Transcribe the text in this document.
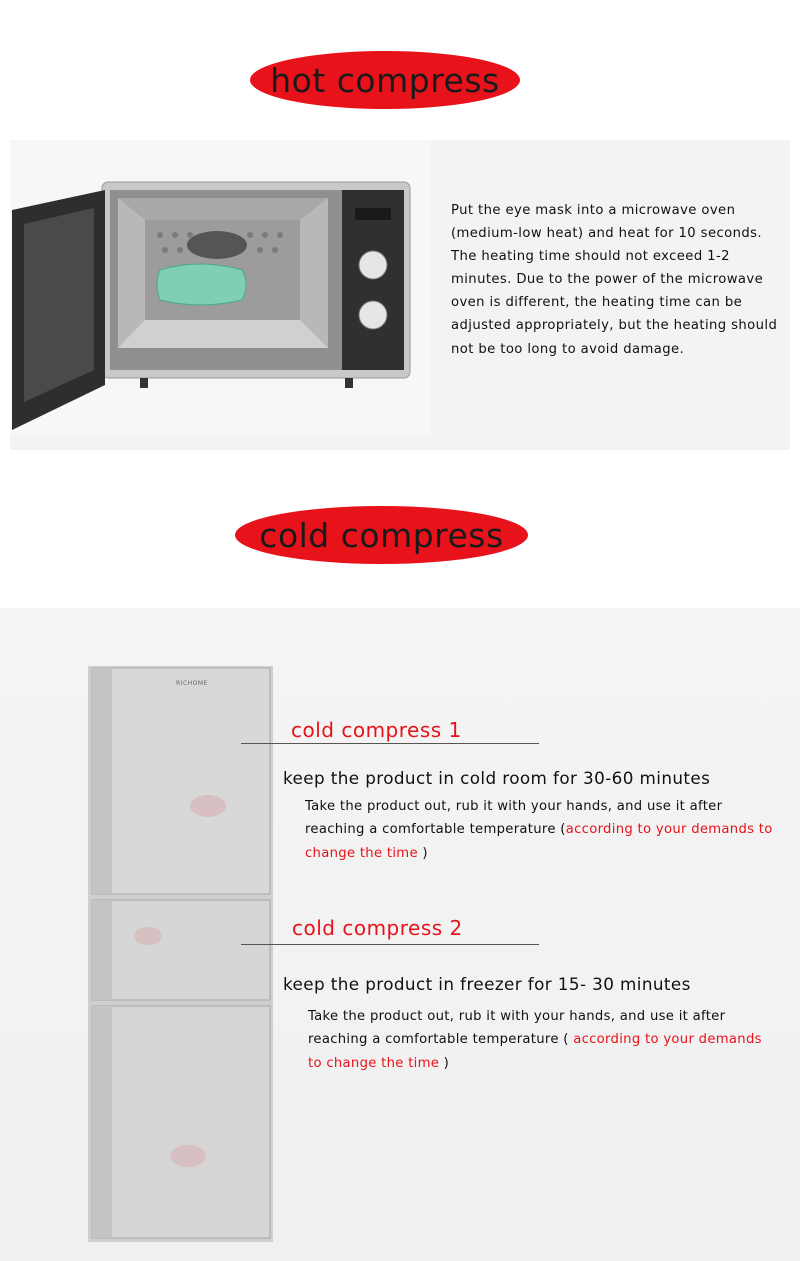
hot compress
Put the eye mask into a microwave oven (medium-low heat) and heat for 10 seconds. The heating time should not exceed 1-2 minutes. Due to the power of the microwave oven is different, the heating time can be adjusted appropriately, but the heating should not be too long to avoid damage.
cold compress
RICHOME
cold compress 1
keep the product in cold room for 30-60 minutes
Take the product out, rub it with your hands, and use it after reaching a comfortable temperature (according to your demands to change the time )
cold compress 2
keep the product in freezer for 15- 30 minutes
Take the product out, rub it with your hands, and use it after reaching a comfortable temperature ( according to your demands to change the time )
